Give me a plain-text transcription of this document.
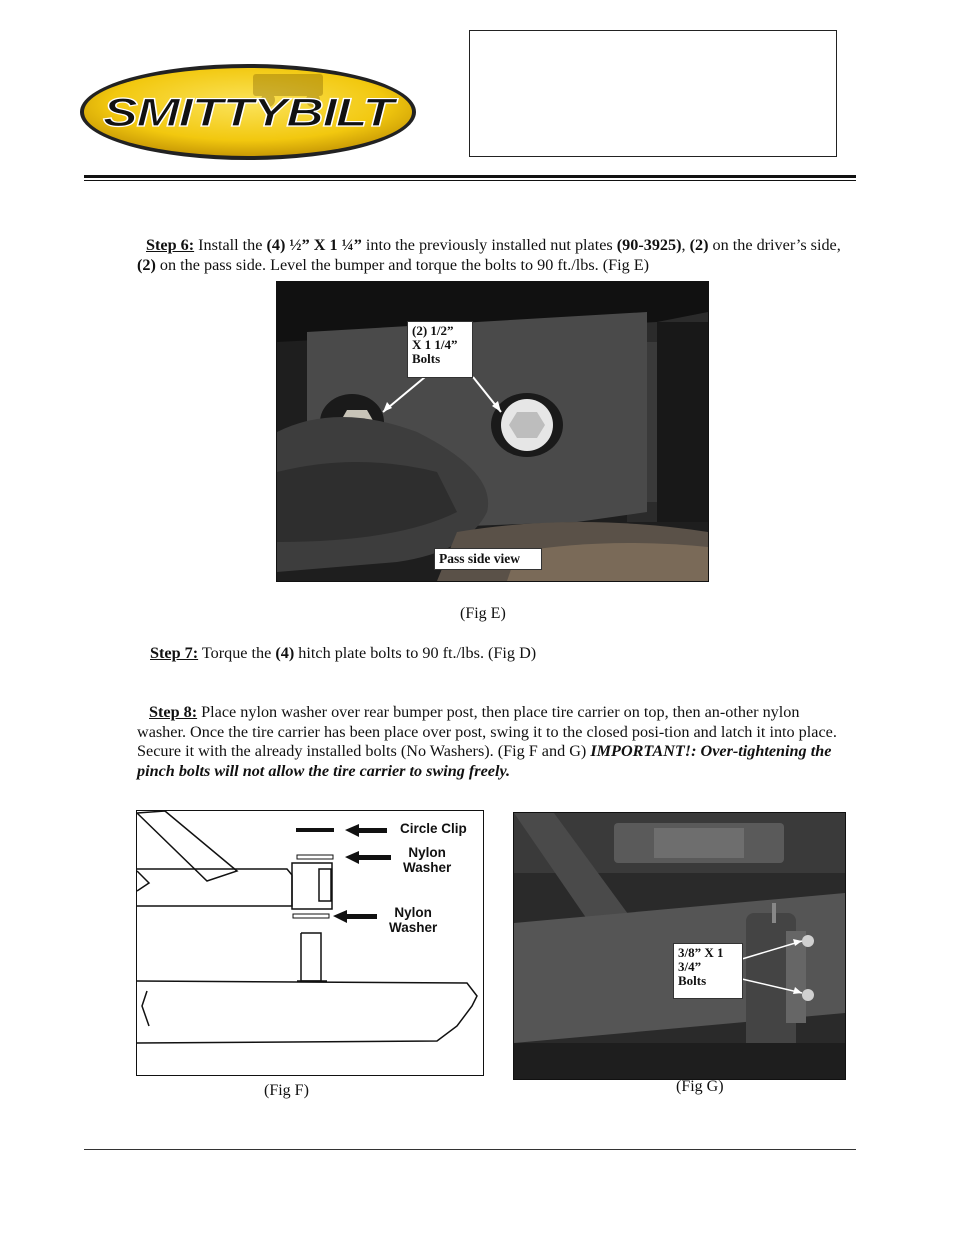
SMITTYBILT
Step 6: Install the (4) ½” X 1 ¼” into the previously installed nut plates (90-3925), (2) on the driver’s side, (2) on the pass side. Level the bumper and torque the bolts to 90 ft./lbs. (Fig E)
(2) 1/2”
X 1 1/4”
Bolts
Pass side view
(Fig E)
Step 7: Torque the (4) hitch plate bolts to 90 ft./lbs. (Fig D)
Step 8: Place nylon washer over rear bumper post, then place tire carrier on top, then an-other nylon washer. Once the tire carrier has been place over post, swing it to the closed posi-tion and latch it into place. Secure it with the already installed bolts (No Washers). (Fig F and G) IMPORTANT!: Over-tightening the pinch bolts will not allow the tire carrier to swing freely.
Circle Clip
Nylon
Washer
Nylon
Washer
(Fig F)
3/8” X 1
3/4”
Bolts
(Fig G)
